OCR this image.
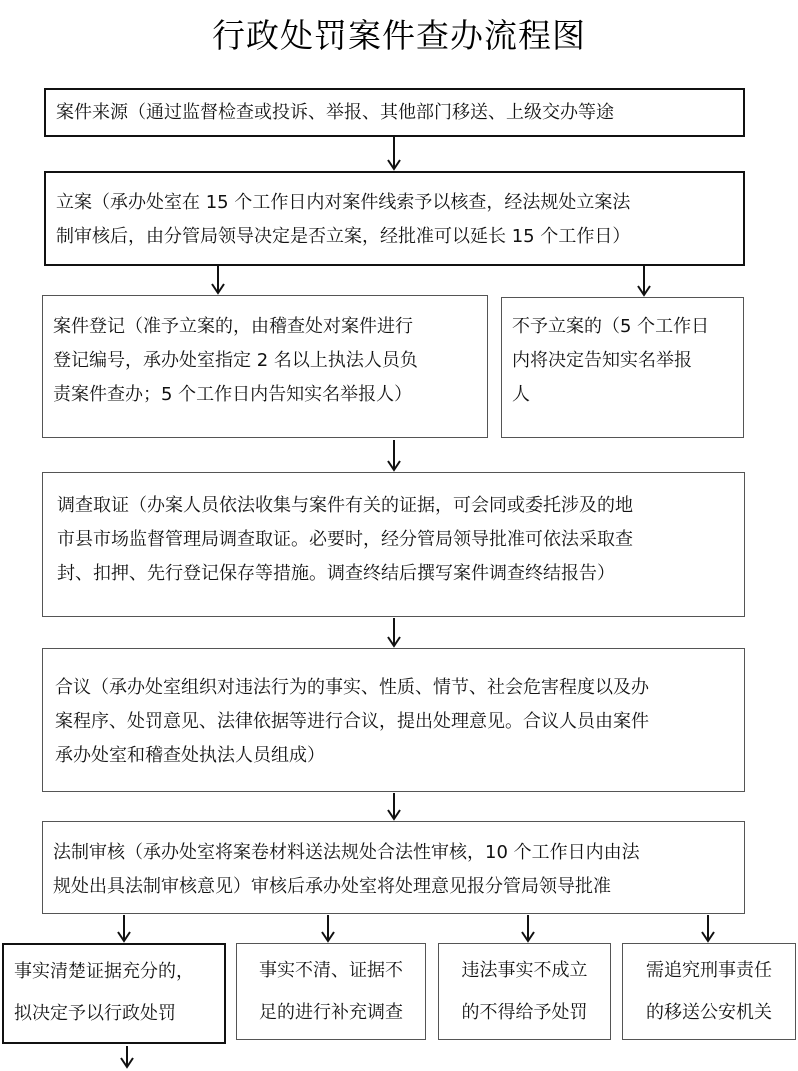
行政处罚案件查办流程图

案件来源（通过监督检查或投诉、举报、其他部门移送、上级交办等途

立案（承办处室在 15 个工作日内对案件线索予以核查，经法规处立案法

制审核后，由分管局领导决定是否立案，经批准可以延长 15 个工作日）

案件登记（准予立案的，由稽查处对案件进行

登记编号，承办处室指定 2 名以上执法人员负

责案件查办；5 个工作日内告知实名举报人）

不予立案的（5 个工作日

内将决定告知实名举报

人

调查取证（办案人员依法收集与案件有关的证据，可会同或委托涉及的地

市县市场监督管理局调查取证。必要时，经分管局领导批准可依法采取查

封、扣押、先行登记保存等措施。调查终结后撰写案件调查终结报告）

合议（承办处室组织对违法行为的事实、性质、情节、社会危害程度以及办

案程序、处罚意见、法律依据等进行合议，提出处理意见。合议人员由案件

承办处室和稽查处执法人员组成）

法制审核（承办处室将案卷材料送法规处合法性审核，10 个工作日内由法

规处出具法制审核意见）审核后承办处室将处理意见报分管局领导批准

事实清楚证据充分的，

拟决定予以行政处罚

事实不清、证据不

足的进行补充调查

违法事实不成立

的不得给予处罚

需追究刑事责任

的移送公安机关
